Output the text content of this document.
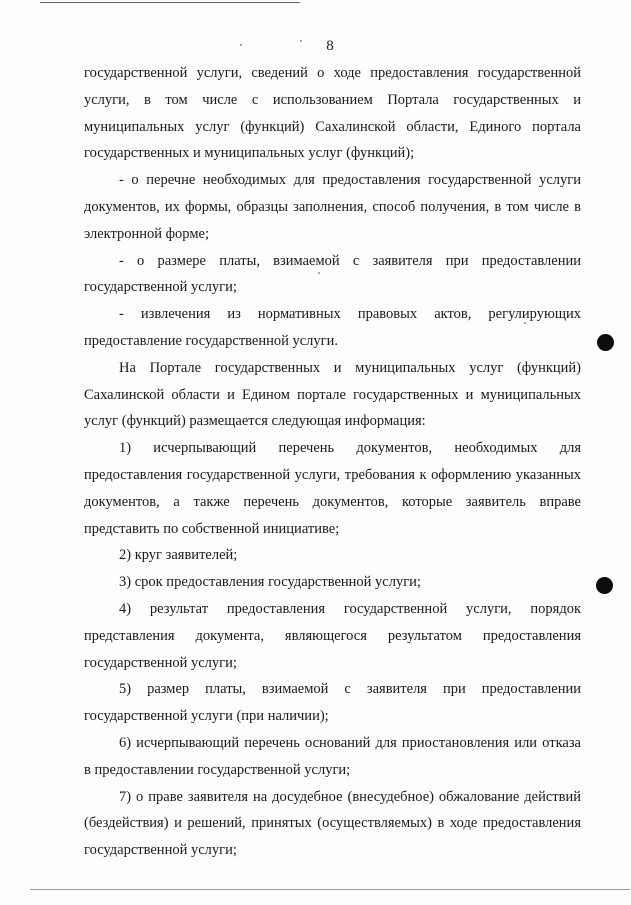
8

государственной услуги, сведений о ходе предоставления государственной услуги, в том числе с использованием Портала государственных и муниципальных услуг (функций) Сахалинской области, Единого портала государственных и муниципальных услуг (функций);

- о перечне необходимых для предоставления государственной услуги документов, их формы, образцы заполнения, способ получения, в том числе в электронной форме;

- о размере платы, взимаемой с заявителя при предоставлении государственной услуги;

- извлечения из нормативных правовых актов, регулирующих предоставление государственной услуги.

На Портале государственных и муниципальных услуг (функций) Сахалинской области и Едином портале государственных и муниципальных услуг (функций) размещается следующая информация:

1) исчерпывающий перечень документов, необходимых для предоставления государственной услуги, требования к оформлению указанных документов, а также перечень документов, которые заявитель вправе представить по собственной инициативе;

2) круг заявителей;

3) срок предоставления государственной услуги;

4) результат предоставления государственной услуги, порядок представления документа, являющегося результатом предоставления государственной услуги;

5) размер платы, взимаемой с заявителя при предоставлении государственной услуги (при наличии);

6) исчерпывающий перечень оснований для приостановления или отказа в предоставлении государственной услуги;

7) о праве заявителя на досудебное (внесудебное) обжалование действий (бездействия) и решений, принятых (осуществляемых) в ходе предоставления государственной услуги;
